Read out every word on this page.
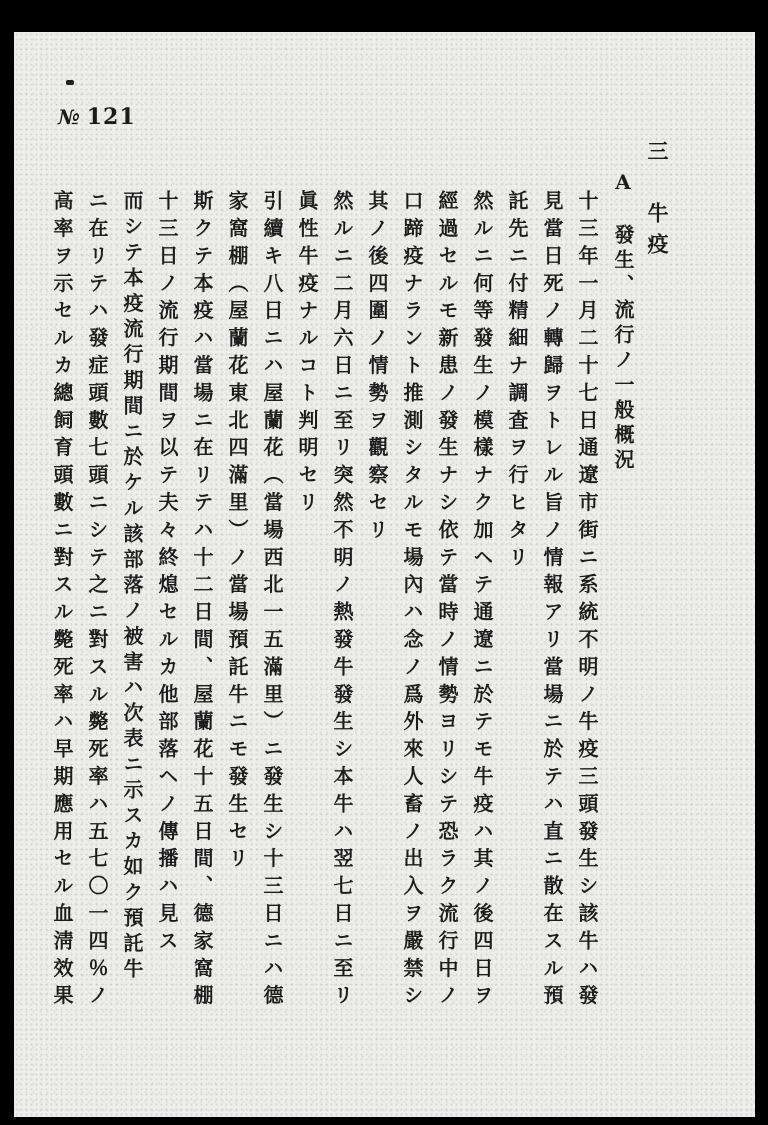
№ 121
三　牛疫
A　發生、流行ノ一般概況
十三年一月二十七日通遼市街ニ系統不明ノ牛疫三頭發生シ該牛ハ發
見當日死ノ轉歸ヲトレル旨ノ情報アリ當場ニ於テハ直ニ散在スル預
託先ニ付精細ナ調査ヲ行ヒタリ
然ルニ何等發生ノ模樣ナク加ヘテ通遼ニ於テモ牛疫ハ其ノ後四日ヲ
經過セルモ新患ノ發生ナシ依テ當時ノ情勢ヨリシテ恐ラク流行中ノ
口蹄疫ナラント推測シタルモ場內ハ念ノ爲外來人畜ノ出入ヲ嚴禁シ
其ノ後四圍ノ情勢ヲ觀察セリ
然ルニ二月六日ニ至リ突然不明ノ熱發牛發生シ本牛ハ翌七日ニ至リ
眞性牛疫ナルコト判明セリ
引續キ八日ニハ屋蘭花（當場西北一五滿里）ニ發生シ十三日ニハ德
家窩棚（屋蘭花東北四滿里）ノ當場預託牛ニモ發生セリ
斯クテ本疫ハ當場ニ在リテハ十二日間、屋蘭花十五日間、德家窩棚
十三日ノ流行期間ヲ以テ夫々終熄セルカ他部落ヘノ傳播ハ見ス
而シテ本疫流行期間ニ於ケル該部落ノ被害ハ次表ニ示スカ如ク預託牛
ニ在リテハ發症頭數七頭ニシテ之ニ對スル斃死率ハ五七〇一四％ノ
高率ヲ示セルカ總飼育頭數ニ對スル斃死率ハ早期應用セル血淸效果
